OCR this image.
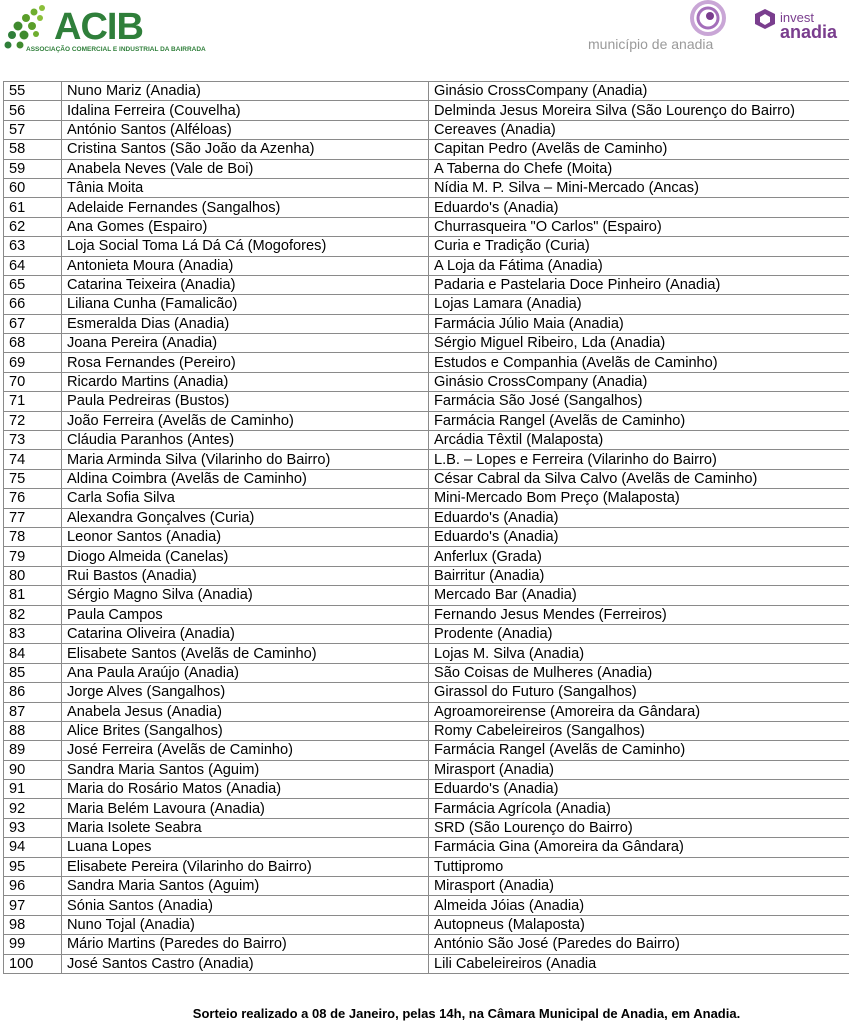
ACIB
ASSOCIAÇÃO COMERCIAL E INDUSTRIAL DA BAIRRADA	município de anadia
invest
anadia
55	Nuno Mariz (Anadia)	Ginásio CrossCompany (Anadia)
56	Idalina Ferreira (Couvelha)	Delminda Jesus Moreira Silva (São Lourenço do Bairro)
57	António Santos (Alféloas)	Cereaves (Anadia)
58	Cristina Santos (São João da Azenha)	Capitan Pedro (Avelãs de Caminho)
59	Anabela Neves (Vale de Boi)	A Taberna do Chefe (Moita)
60	Tânia Moita	Nídia M. P. Silva – Mini-Mercado (Ancas)
61	Adelaide Fernandes (Sangalhos)	Eduardo's (Anadia)
62	Ana Gomes (Espairo)	Churrasqueira "O Carlos" (Espairo)
63	Loja Social Toma Lá Dá Cá (Mogofores)	Curia e Tradição (Curia)
64	Antonieta Moura (Anadia)	A Loja da Fátima (Anadia)
65	Catarina Teixeira (Anadia)	Padaria e Pastelaria Doce Pinheiro (Anadia)
66	Liliana Cunha (Famalicão)	Lojas Lamara (Anadia)
67	Esmeralda Dias (Anadia)	Farmácia Júlio Maia (Anadia)
68	Joana Pereira (Anadia)	Sérgio Miguel Ribeiro, Lda (Anadia)
69	Rosa Fernandes (Pereiro)	Estudos e Companhia (Avelãs de Caminho)
70	Ricardo Martins (Anadia)	Ginásio CrossCompany (Anadia)
71	Paula Pedreiras (Bustos)	Farmácia São José (Sangalhos)
72	João Ferreira (Avelãs de Caminho)	Farmácia Rangel (Avelãs de Caminho)
73	Cláudia Paranhos (Antes)	Arcádia Têxtil (Malaposta)
74	Maria Arminda Silva (Vilarinho do Bairro)	L.B. – Lopes e Ferreira (Vilarinho do Bairro)
75	Aldina Coimbra (Avelãs de Caminho)	César Cabral da Silva Calvo (Avelãs de Caminho)
76	Carla Sofia Silva	Mini-Mercado Bom Preço (Malaposta)
77	Alexandra Gonçalves (Curia)	Eduardo's (Anadia)
78	Leonor Santos (Anadia)	Eduardo's (Anadia)
79	Diogo Almeida (Canelas)	Anferlux (Grada)
80	Rui Bastos (Anadia)	Bairritur (Anadia)
81	Sérgio Magno Silva (Anadia)	Mercado Bar (Anadia)
82	Paula Campos	Fernando Jesus Mendes (Ferreiros)
83	Catarina Oliveira (Anadia)	Prodente (Anadia)
84	Elisabete Santos (Avelãs de Caminho)	Lojas M. Silva (Anadia)
85	Ana Paula Araújo (Anadia)	São Coisas de Mulheres (Anadia)
86	Jorge Alves (Sangalhos)	Girassol do Futuro (Sangalhos)
87	Anabela Jesus (Anadia)	Agroamoreirense (Amoreira da Gândara)
88	Alice Brites (Sangalhos)	Romy Cabeleireiros (Sangalhos)
89	José Ferreira (Avelãs de Caminho)	Farmácia Rangel (Avelãs de Caminho)
90	Sandra Maria Santos (Aguim)	Mirasport (Anadia)
91	Maria do Rosário Matos (Anadia)	Eduardo's (Anadia)
92	Maria Belém Lavoura (Anadia)	Farmácia Agrícola (Anadia)
93	Maria Isolete Seabra	SRD (São Lourenço do Bairro)
94	Luana Lopes	Farmácia Gina (Amoreira da Gândara)
95	Elisabete Pereira (Vilarinho do Bairro)	Tuttipromo
96	Sandra Maria Santos (Aguim)	Mirasport (Anadia)
97	Sónia Santos (Anadia)	Almeida Jóias (Anadia)
98	Nuno Tojal (Anadia)	Autopneus (Malaposta)
99	Mário Martins (Paredes do Bairro)	António São José (Paredes do Bairro)
100	José Santos Castro (Anadia)	Lili Cabeleireiros (Anadia
Sorteio realizado a 08 de Janeiro, pelas 14h, na Câmara Municipal de Anadia, em Anadia.
